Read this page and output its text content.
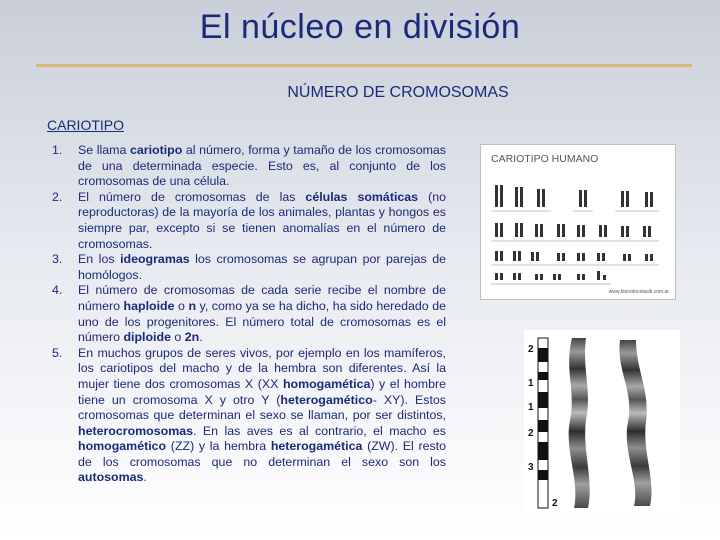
El núcleo en división
NÚMERO DE CROMOSOMAS
CARIOTIPO
1. Se llama cariotipo al número, forma y tamaño de los cromosomas de una determinada especie. Esto es, al conjunto de los cromosomas de una célula.
2. El número de cromosomas de las células somáticas (no reproductoras) de la mayoría de los animales, plantas y hongos es siempre par, excepto si se tienen anomalías en el número de cromosomas.
3. En los ideogramas los cromosomas se agrupan por parejas de homólogos.
4. El número de cromosomas de cada serie recibe el nombre de número haploide o n y, como ya se ha dicho, ha sido heredado de uno de los progenitores. El número total de cromosomas es el número diploide o 2n.
5. En muchos grupos de seres vivos, por ejemplo en los mamíferos, los cariotipos del macho y de la hembra son diferentes. Así la mujer tiene dos cromosomas X (XX homogamética) y el hombre tiene un cromosoma X y otro Y (heterogamético- XY). Estos cromosomas que determinan el sexo se llaman, por ser distintos, heterocromosomas. En las aves es al contrario, el macho es homogamético (ZZ) y la hembra heterogamética (ZW). El resto de los cromosomas que no determinan el sexo son los autosomas.
CARIOTIPO HUMANO
www.bionotocelasik.com.ar
2
1
1
2
3
2
